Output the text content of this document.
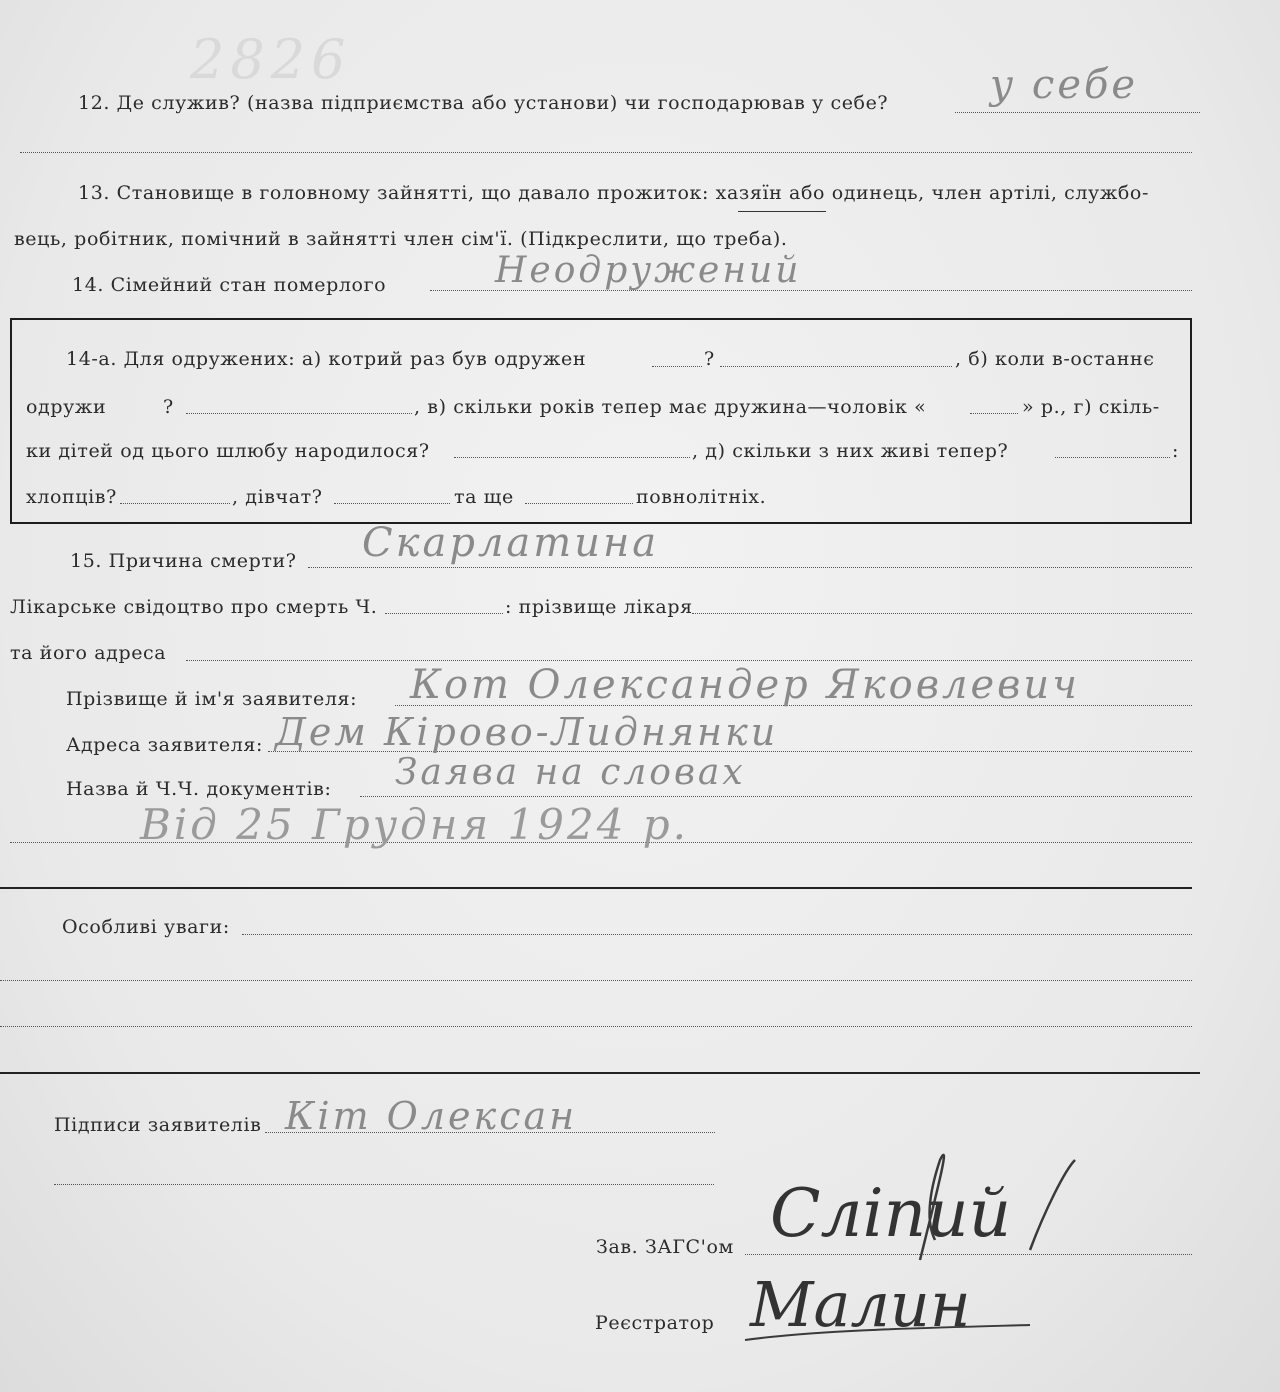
2826
12. Де служив? (назва підприємства або установи) чи господарював у себе?	у себе
13. Становище в головному зайнятті, що давало прожиток: хазяїн або одинець, член артілі, службо-
вець, робітник, помічний в зайнятті член сім'ї. (Підкреслити, що треба).
14. Сімейний стан померлого	Неодружений
14-а. Для одружених: а) котрий раз був одружен	?	, б) коли в-останнє
одружи	?	, в) скільки років тепер має дружина—чоловік «	» р., г) скіль-
ки дітей од цього шлюбу народилося?	, д) скільки з них живі тепер?	:
хлопців?	, дівчат?	та ще	повнолітніх.
15. Причина смерти? Скарлатина
Лікарське свідоцтво про смерть Ч.	: прізвище лікаря
та його адреса
Прізвище й ім'я заявителя: Кот Олександер Яковлевич
Адреса заявителя: Дем Кірово-Лиднянки
Назва й Ч.Ч. документів: Заява на словах
Від 25 Грудня 1924 р.
Особливі уваги:
Підписи заявителів Кіт Олексан
Зав. ЗАГС'ом Сліпий
Реєстратор Малин
